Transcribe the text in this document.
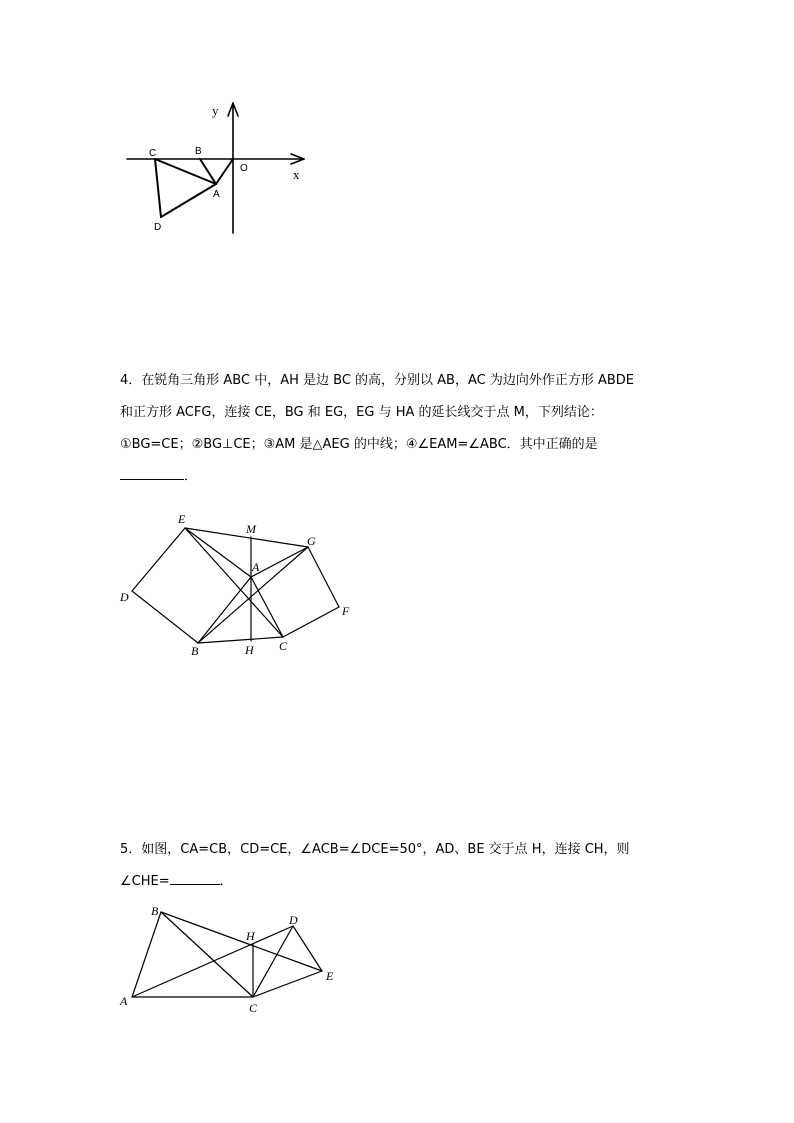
y
x
C	B
O
A
D
4．在锐角三角形 ABC 中，AH 是边 BC 的高，分别以 AB，AC 为边向外作正方形 ABDE
和正方形 ACFG，连接 CE，BG 和 EG，EG 与 HA 的延长线交于点 M，下列结论：
①BG=CE；②BG⊥CE；③AM 是△AEG 的中线；④∠EAM=∠ABC．其中正确的是
．
E
M
G
A
D
F
B	H C
5．如图，CA=CB，CD=CE，∠ACB=∠DCE=50°，AD、BE 交于点 H，连接 CH，则
∠CHE=	．
B
H
D
E
A	C
